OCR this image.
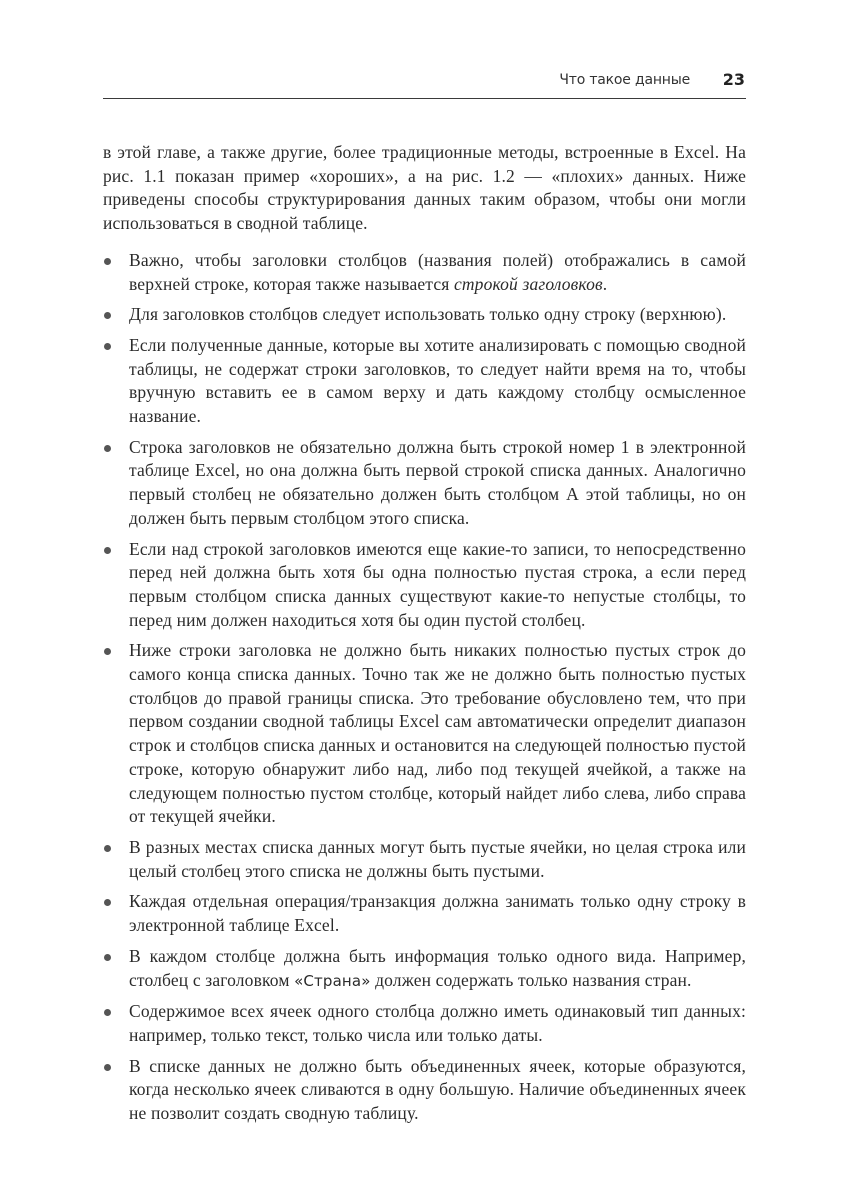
Что такое данные 23

в этой главе, а также другие, более традиционные методы, встроенные в Excel. На рис. 1.1 показан пример «хороших», а на рис. 1.2 — «плохих» данных. Ниже приведены способы структурирования данных таким образом, чтобы они могли использоваться в сводной таблице.

Важно, чтобы заголовки столбцов (названия полей) отображались в самой верхней строке, которая также называется строкой заголовков.
Для заголовков столбцов следует использовать только одну строку (верхнюю).
Если полученные данные, которые вы хотите анализировать с помощью сводной таблицы, не содержат строки заголовков, то следует найти время на то, чтобы вручную вставить ее в самом верху и дать каждому столбцу осмысленное название.
Строка заголовков не обязательно должна быть строкой номер 1 в электронной таблице Excel, но она должна быть первой строкой списка данных. Аналогично первый столбец не обязательно должен быть столбцом А этой таблицы, но он должен быть первым столбцом этого списка.
Если над строкой заголовков имеются еще какие-то записи, то непосредственно перед ней должна быть хотя бы одна полностью пустая строка, а если перед первым столбцом списка данных существуют какие-то непустые столбцы, то перед ним должен находиться хотя бы один пустой столбец.
Ниже строки заголовка не должно быть никаких полностью пустых строк до самого конца списка данных. Точно так же не должно быть полностью пустых столбцов до правой границы списка. Это требование обусловлено тем, что при первом создании сводной таблицы Excel сам автоматически определит диапазон строк и столбцов списка данных и остановится на следующей полностью пустой строке, которую обнаружит либо над, либо под текущей ячейкой, а также на следующем полностью пустом столбце, который найдет либо слева, либо справа от текущей ячейки.
В разных местах списка данных могут быть пустые ячейки, но целая строка или целый столбец этого списка не должны быть пустыми.
Каждая отдельная операция/транзакция должна занимать только одну строку в электронной таблице Excel.
В каждом столбце должна быть информация только одного вида. Например, столбец с заголовком «Страна» должен содержать только названия стран.
Содержимое всех ячеек одного столбца должно иметь одинаковый тип данных: например, только текст, только числа или только даты.
В списке данных не должно быть объединенных ячеек, которые образуются, когда несколько ячеек сливаются в одну большую. Наличие объединенных ячеек не позволит создать сводную таблицу.
